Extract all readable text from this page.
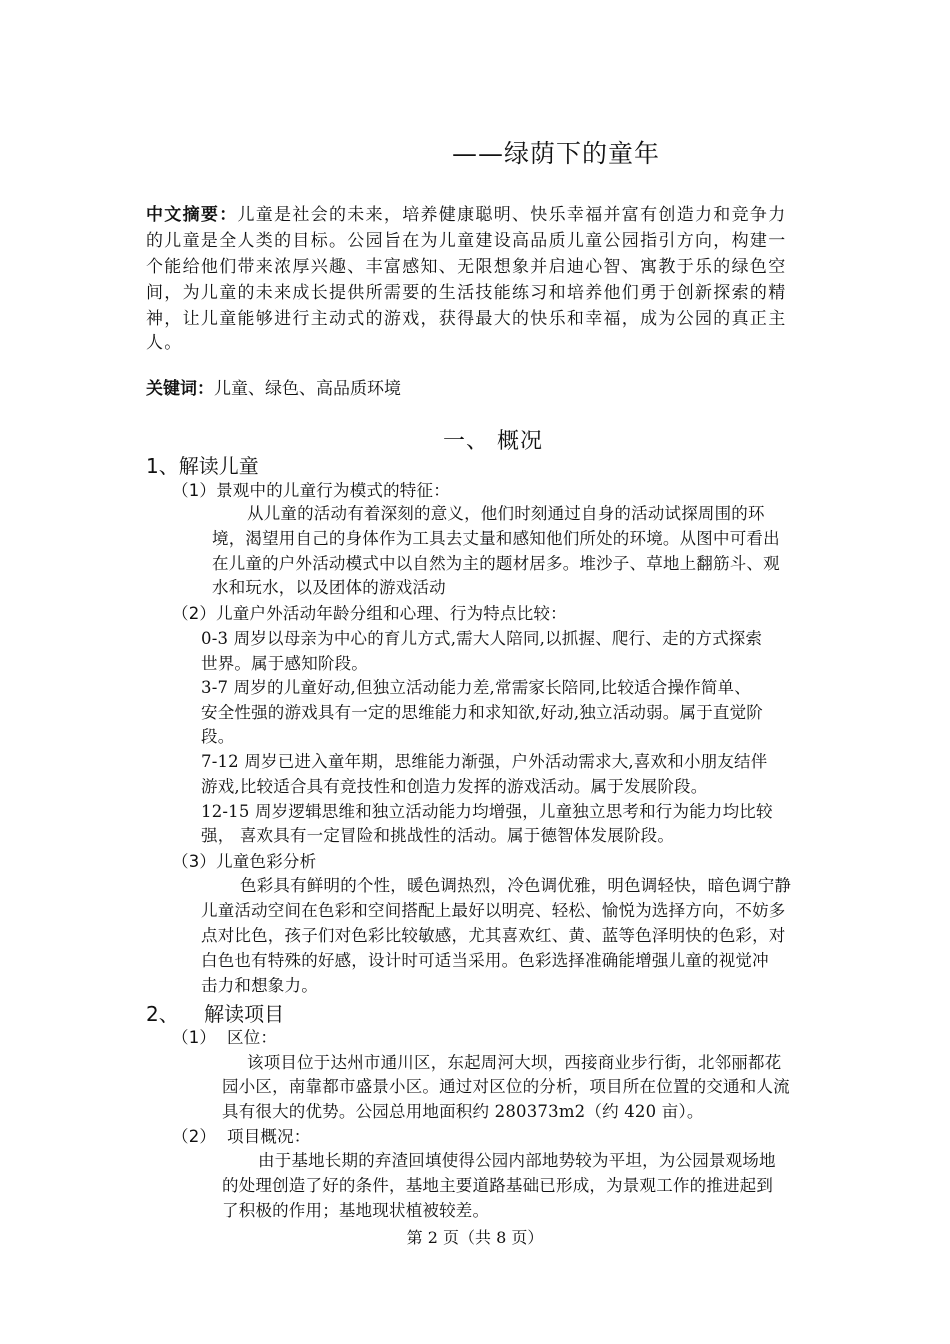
——绿荫下的童年
中文摘要：儿童是社会的未来，培养健康聪明、快乐幸福并富有创造力和竞争力
的儿童是全人类的目标。公园旨在为儿童建设高品质儿童公园指引方向，构建一
个能给他们带来浓厚兴趣、丰富感知、无限想象并启迪心智、寓教于乐的绿色空
间，为儿童的未来成长提供所需要的生活技能练习和培养他们勇于创新探索的精
神，让儿童能够进行主动式的游戏，获得最大的快乐和幸福，成为公园的真正主
人。
关键词：儿童、绿色、高品质环境
一、 概况
1、解读儿童
（1）景观中的儿童行为模式的特征：
从儿童的活动有着深刻的意义，他们时刻通过自身的活动试探周围的环
境，渴望用自己的身体作为工具去丈量和感知他们所处的环境。从图中可看出
在儿童的户外活动模式中以自然为主的题材居多。堆沙子、草地上翻筋斗、观
水和玩水，以及团体的游戏活动
（2）儿童户外活动年龄分组和心理、行为特点比较：
0-3 周岁以母亲为中心的育儿方式,需大人陪同,以抓握、爬行、走的方式探索
世界。属于感知阶段。
3-7 周岁的儿童好动,但独立活动能力差,常需家长陪同,比较适合操作简单、
安全性强的游戏具有一定的思维能力和求知欲,好动,独立活动弱。属于直觉阶
段。
7-12 周岁已进入童年期，思维能力渐强，户外活动需求大,喜欢和小朋友结伴
游戏,比较适合具有竞技性和创造力发挥的游戏活动。属于发展阶段。
12-15 周岁逻辑思维和独立活动能力均增强，儿童独立思考和行为能力均比较
强， 喜欢具有一定冒险和挑战性的活动。属于德智体发展阶段。
（3）儿童色彩分析
色彩具有鲜明的个性，暖色调热烈，冷色调优雅，明色调轻快，暗色调宁静
儿童活动空间在色彩和空间搭配上最好以明亮、轻松、愉悦为选择方向，不妨多
点对比色，孩子们对色彩比较敏感，尤其喜欢红、黄、蓝等色泽明快的色彩，对
白色也有特殊的好感，设计时可适当采用。色彩选择准确能增强儿童的视觉冲
击力和想象力。
2、    解读项目
（1）  区位：
该项目位于达州市通川区，东起周河大坝，西接商业步行街，北邻丽都花
园小区，南靠都市盛景小区。通过对区位的分析，项目所在位置的交通和人流
具有很大的优势。公园总用地面积约 280373m2（约 420 亩）。
（2）  项目概况：
由于基地长期的弃渣回填使得公园内部地势较为平坦，为公园景观场地
的处理创造了好的条件，基地主要道路基础已形成，为景观工作的推进起到
了积极的作用；基地现状植被较差。
第 2 页（共 8 页）
